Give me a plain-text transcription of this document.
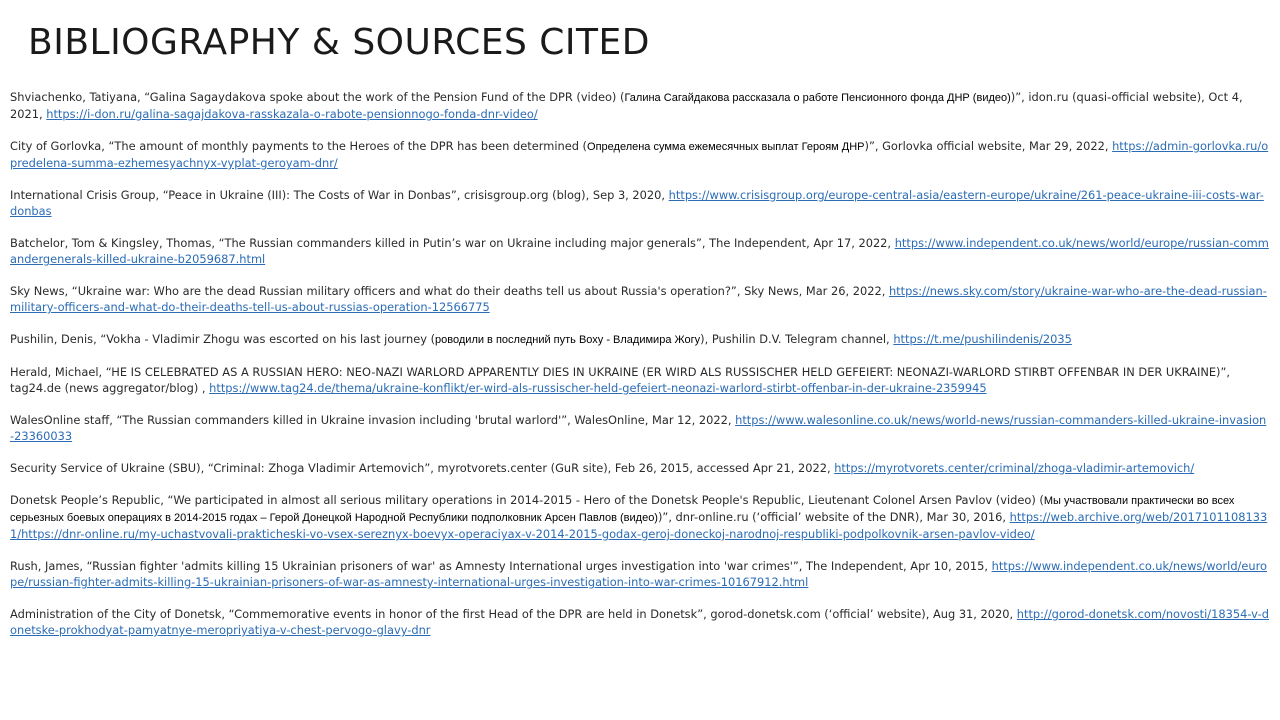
BIBLIOGRAPHY & SOURCES CITED
Shviachenko, Tatiyana, “Galina Sagaydakova spoke about the work of the Pension Fund of the DPR (video) (Галина Сагайдакова рассказала о работе Пенсионного фонда ДНР (видео))”, idon.ru (quasi-official website), Oct 4, 2021, https://i-don.ru/galina-sagajdakova-rasskazala-o-rabote-pensionnogo-fonda-dnr-video/
City of Gorlovka, “The amount of monthly payments to the Heroes of the DPR has been determined (Определена сумма ежемесячных выплат Героям ДНР)”, Gorlovka official website, Mar 29, 2022, https://admin-gorlovka.ru/opredelena-summa-ezhemesyachnyx-vyplat-geroyam-dnr/
International Crisis Group, “Peace in Ukraine (III): The Costs of War in Donbas”, crisisgroup.org (blog), Sep 3, 2020, https://www.crisisgroup.org/europe-central-asia/eastern-europe/ukraine/261-peace-ukraine-iii-costs-war-donbas
Batchelor, Tom & Kingsley, Thomas, “The Russian commanders killed in Putin’s war on Ukraine including major generals”, The Independent, Apr 17, 2022, https://www.independent.co.uk/news/world/europe/russian-commandergenerals-killed-ukraine-b2059687.html
Sky News, “Ukraine war: Who are the dead Russian military officers and what do their deaths tell us about Russia's operation?”, Sky News, Mar 26, 2022, https://news.sky.com/story/ukraine-war-who-are-the-dead-russian-military-officers-and-what-do-their-deaths-tell-us-about-russias-operation-12566775
Pushilin, Denis, “Vokha - Vladimir Zhogu was escorted on his last journey (роводили в последний путь Воху - Владимира Жогу), Pushilin D.V. Telegram channel, https://t.me/pushilindenis/2035
Herald, Michael, “HE IS CELEBRATED AS A RUSSIAN HERO: NEO-NAZI WARLORD APPARENTLY DIES IN UKRAINE (ER WIRD ALS RUSSISCHER HELD GEFEIERT: NEONAZI-WARLORD STIRBT OFFENBAR IN DER UKRAINE)”, tag24.de (news aggregator/blog) , https://www.tag24.de/thema/ukraine-konflikt/er-wird-als-russischer-held-gefeiert-neonazi-warlord-stirbt-offenbar-in-der-ukraine-2359945
WalesOnline staff, “The Russian commanders killed in Ukraine invasion including 'brutal warlord'”, WalesOnline, Mar 12, 2022, https://www.walesonline.co.uk/news/world-news/russian-commanders-killed-ukraine-invasion-23360033
Security Service of Ukraine (SBU), “Criminal: Zhoga Vladimir Artemovich”, myrotvorets.center (GuR site), Feb 26, 2015, accessed Apr 21, 2022, https://myrotvorets.center/criminal/zhoga-vladimir-artemovich/
Donetsk People’s Republic, “We participated in almost all serious military operations in 2014-2015 - Hero of the Donetsk People's Republic, Lieutenant Colonel Arsen Pavlov (video) (Мы участвовали практически во всех серьезных боевых операциях в 2014-2015 годах – Герой Донецкой Народной Республики подполковник Арсен Павлов (видео))”, dnr-online.ru (‘official’ website of the DNR), Mar 30, 2016, https://web.archive.org/web/20171011081331/https://dnr-online.ru/my-uchastvovali-prakticheski-vo-vsex-sereznyx-boevyx-operaciyax-v-2014-2015-godax-geroj-doneckoj-narodnoj-respubliki-podpolkovnik-arsen-pavlov-video/
Rush, James, “Russian fighter 'admits killing 15 Ukrainian prisoners of war' as Amnesty International urges investigation into 'war crimes'”, The Independent, Apr 10, 2015, https://www.independent.co.uk/news/world/europe/russian-fighter-admits-killing-15-ukrainian-prisoners-of-war-as-amnesty-international-urges-investigation-into-war-crimes-10167912.html
Administration of the City of Donetsk, “Commemorative events in honor of the first Head of the DPR are held in Donetsk”, gorod-donetsk.com (‘official’ website), Aug 31, 2020, http://gorod-donetsk.com/novosti/18354-v-donetske-prokhodyat-pamyatnye-meropriyatiya-v-chest-pervogo-glavy-dnr
